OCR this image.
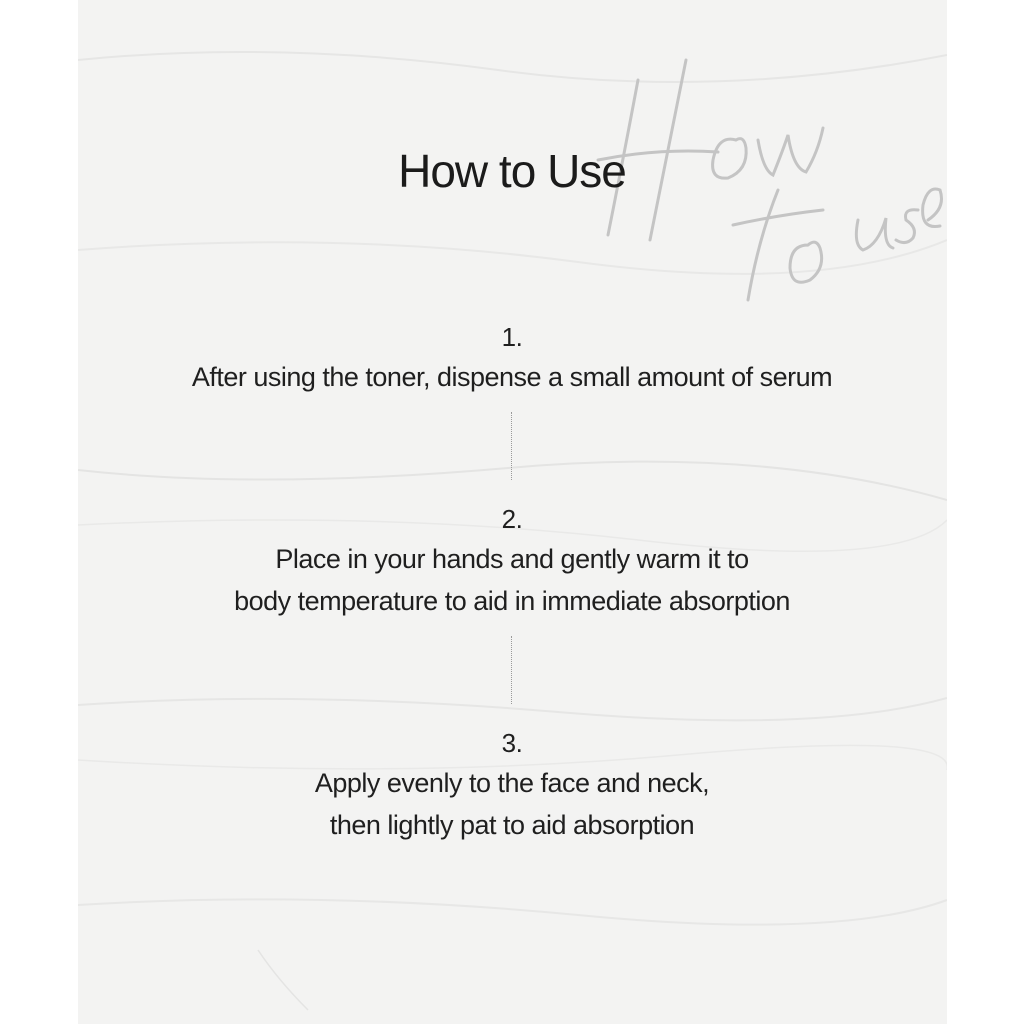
How to Use
1.
After using the toner, dispense a small amount of serum
2.
Place in your hands and gently warm it to
body temperature to aid in immediate absorption
3.
Apply evenly to the face and neck,
then lightly pat to aid absorption
